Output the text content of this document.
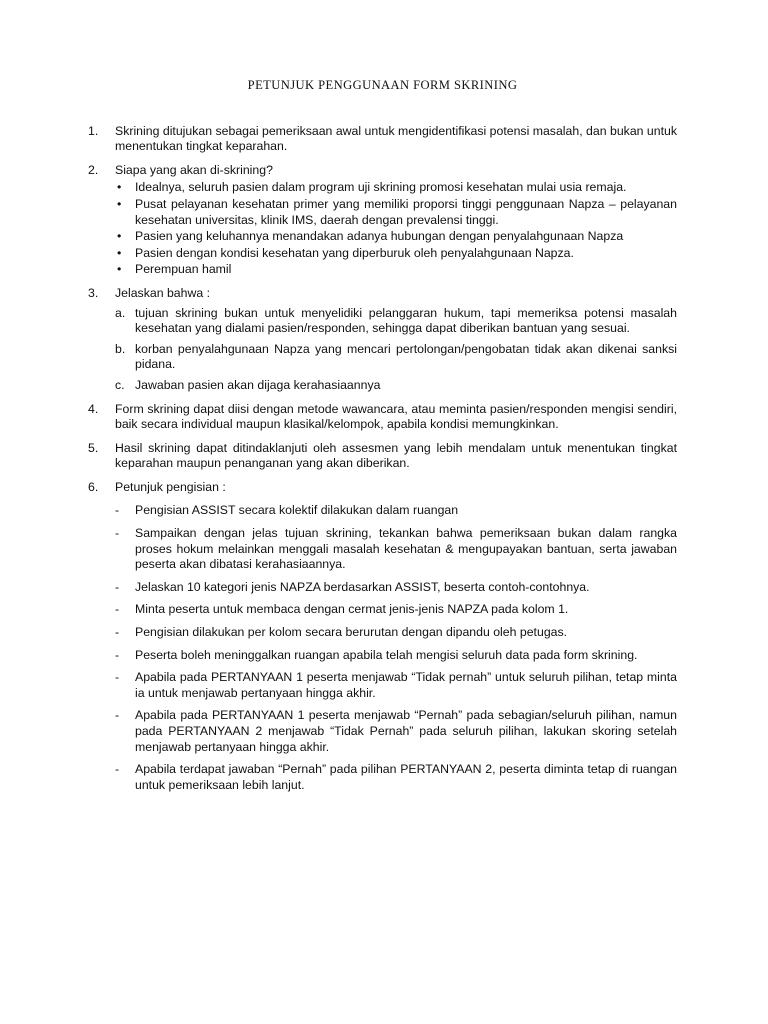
PETUNJUK PENGGUNAAN FORM SKRINING
1. Skrining ditujukan sebagai pemeriksaan awal untuk mengidentifikasi potensi masalah, dan bukan untuk menentukan tingkat keparahan.
2. Siapa yang akan di-skrining?
• Idealnya, seluruh pasien dalam program uji skrining promosi kesehatan mulai usia remaja.
• Pusat pelayanan kesehatan primer yang memiliki proporsi tinggi penggunaan Napza – pelayanan kesehatan universitas, klinik IMS, daerah dengan prevalensi tinggi.
• Pasien yang keluhannya menandakan adanya hubungan dengan penyalahgunaan Napza
• Pasien dengan kondisi kesehatan yang diperburuk oleh penyalahgunaan Napza.
• Perempuan hamil
3. Jelaskan bahwa :
a. tujuan skrining bukan untuk menyelidiki pelanggaran hukum, tapi memeriksa potensi masalah kesehatan yang dialami pasien/responden, sehingga dapat diberikan bantuan yang sesuai.
b. korban penyalahgunaan Napza yang mencari pertolongan/pengobatan tidak akan dikenai sanksi pidana.
c. Jawaban pasien akan dijaga kerahasiaannya
4. Form skrining dapat diisi dengan metode wawancara, atau meminta pasien/responden mengisi sendiri, baik secara individual maupun klasikal/kelompok, apabila kondisi memungkinkan.
5. Hasil skrining dapat ditindaklanjuti oleh assesmen yang lebih mendalam untuk menentukan tingkat keparahan maupun penanganan yang akan diberikan.
6. Petunjuk pengisian :
- Pengisian ASSIST secara kolektif dilakukan dalam ruangan
- Sampaikan dengan jelas tujuan skrining, tekankan bahwa pemeriksaan bukan dalam rangka proses hokum melainkan menggali masalah kesehatan & mengupayakan bantuan, serta jawaban peserta akan dibatasi kerahasiaannya.
- Jelaskan 10 kategori jenis NAPZA berdasarkan ASSIST, beserta contoh-contohnya.
- Minta peserta untuk membaca dengan cermat jenis-jenis NAPZA pada kolom 1.
- Pengisian dilakukan per kolom secara berurutan dengan dipandu oleh petugas.
- Peserta boleh meninggalkan ruangan apabila telah mengisi seluruh data pada form skrining.
- Apabila pada PERTANYAAN 1 peserta menjawab “Tidak pernah” untuk seluruh pilihan, tetap minta ia untuk menjawab pertanyaan hingga akhir.
- Apabila pada PERTANYAAN 1 peserta menjawab “Pernah” pada sebagian/seluruh pilihan, namun pada PERTANYAAN 2 menjawab “Tidak Pernah” pada seluruh pilihan, lakukan skoring setelah menjawab pertanyaan hingga akhir.
- Apabila terdapat jawaban “Pernah” pada pilihan PERTANYAAN 2, peserta diminta tetap di ruangan untuk pemeriksaan lebih lanjut.
